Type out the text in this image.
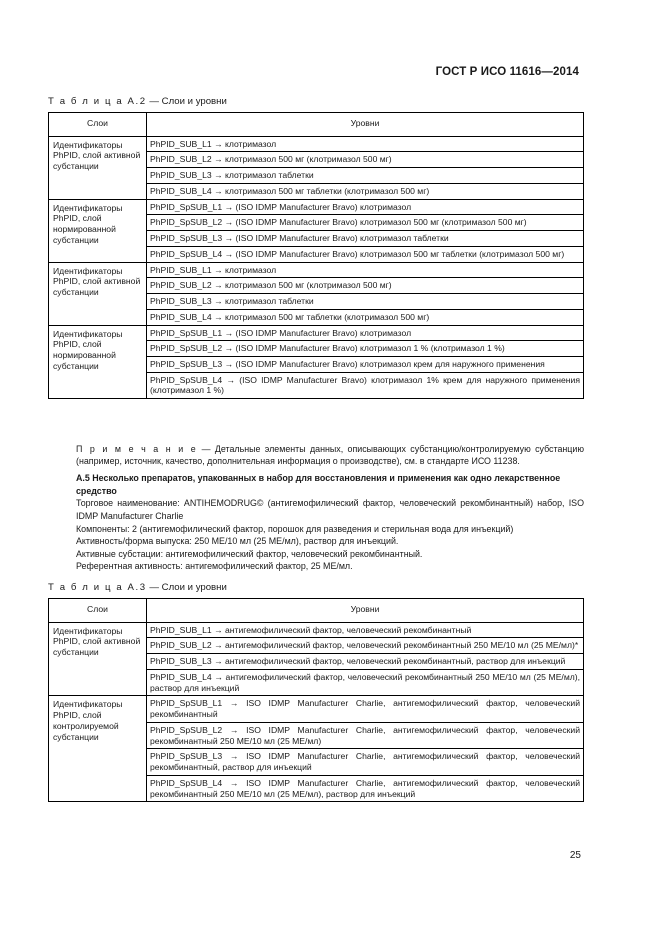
ГОСТ Р ИСО 11616—2014
Т а б л и ц а А.2 — Слои и уровни
Слои	Уровни
Идентификаторы PhPID, слой активной субстанции	PhPID_SUB_L1 → клотримазол
	PhPID_SUB_L2 → клотримазол 500 мг (клотримазол 500 мг)
	PhPID_SUB_L3 → клотримазол таблетки
	PhPID_SUB_L4 → клотримазол 500 мг таблетки (клотримазол 500 мг)
Идентификаторы PhPID, слой нормированной субстанции	PhPID_SpSUB_L1 → (ISO IDMP Manufacturer Bravo) клотримазол
	PhPID_SpSUB_L2 → (ISO IDMP Manufacturer Bravo) клотримазол 500 мг (клотримазол 500 мг)
	PhPID_SpSUB_L3 → (ISO IDMP Manufacturer Bravo) клотримазол таблетки
	PhPID_SpSUB_L4 → (ISO IDMP Manufacturer Bravo) клотримазол 500 мг таблетки (клотримазол 500 мг)
Идентификаторы PhPID, слой активной субстанции	PhPID_SUB_L1 → клотримазол
	PhPID_SUB_L2 → клотримазол 500 мг (клотримазол 500 мг)
	PhPID_SUB_L3 → клотримазол таблетки
	PhPID_SUB_L4 → клотримазол 500 мг таблетки (клотримазол 500 мг)
Идентификаторы PhPID, слой нормированной субстанции	PhPID_SpSUB_L1 → (ISO IDMP Manufacturer Bravo) клотримазол
	PhPID_SpSUB_L2 → (ISO IDMP Manufacturer Bravo) клотримазол 1 % (клотримазол 1 %)
	PhPID_SpSUB_L3 → (ISO IDMP Manufacturer Bravo) клотримазол крем для наружного применения
	PhPID_SpSUB_L4 → (ISO IDMP Manufacturer Bravo) клотримазол 1% крем для наружного применения (клотримазол 1 %)
П р и м е ч а н и е — Детальные элементы данных, описывающих субстанцию/контролируемую субстанцию (например, источник, качество, дополнительная информация о производстве), см. в стандарте ИСО 11238.
А.5 Несколько препаратов, упакованных в набор для восстановления и применения как одно лекарственное средство
Торговое наименование: ANTIHEMODRUG© (антигемофилический фактор, человеческий рекомбинантный) набор, ISO IDMP Manufacturer Charlie
Компоненты: 2 (антигемофилический фактор, порошок для разведения и стерильная вода для инъекций)
Активность/форма выпуска: 250 МЕ/10 мл (25 МЕ/мл), раствор для инъекций.
Активные субстации: антигемофилический фактор, человеческий рекомбинантный.
Референтная активность: антигемофилический фактор, 25 МЕ/мл.
Т а б л и ц а А.3 — Слои и уровни
Слои	Уровни
Идентификаторы PhPID, слой активной субстанции	PhPID_SUB_L1 → антигемофилический фактор, человеческий рекомбинантный
	PhPID_SUB_L2 → антигемофилический фактор, человеческий рекомбинантный 250 МЕ/10 мл (25 МЕ/мл)*
	PhPID_SUB_L3 → антигемофилический фактор, человеческий рекомбинантный, раствор для инъекций
	PhPID_SUB_L4 → антигемофилический фактор, человеческий рекомбинантный 250 МЕ/10 мл (25 МЕ/мл), раствор для инъекций
Идентификаторы PhPID, слой контролируемой субстанции	PhPID_SpSUB_L1 → ISO IDMP Manufacturer Charlie, антигемофилический фактор, человеческий рекомбинантный
	PhPID_SpSUB_L2 → ISO IDMP Manufacturer Charlie, антигемофилический фактор, человеческий рекомбинантный 250 МЕ/10 мл (25 МЕ/мл)
	PhPID_SpSUB_L3 → ISO IDMP Manufacturer Charlie, антигемофилический фактор, человеческий рекомбинантный, раствор для инъекций
	PhPID_SpSUB_L4 → ISO IDMP Manufacturer Charlie, антигемофилический фактор, человеческий рекомбинантный 250 МЕ/10 мл (25 МЕ/мл), раствор для инъекций
25
